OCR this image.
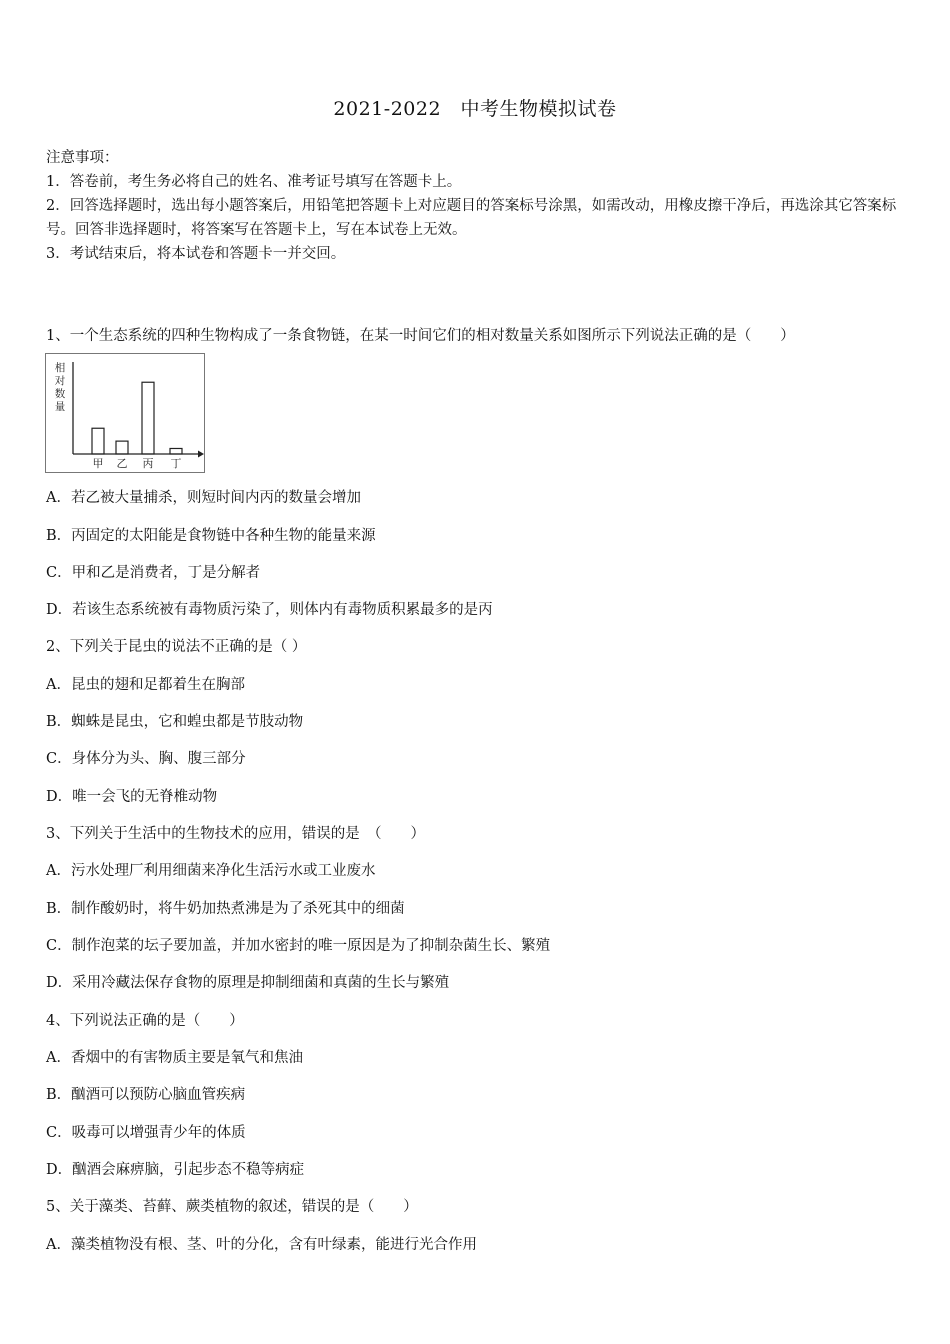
2021-2022　中考生物模拟试卷
注意事项：
1．答卷前，考生务必将自己的姓名、准考证号填写在答题卡上。
2．回答选择题时，选出每小题答案后，用铅笔把答题卡上对应题目的答案标号涂黑，如需改动，用橡皮擦干净后，再选涂其它答案标号。回答非选择题时，将答案写在答题卡上，写在本试卷上无效。
3．考试结束后，将本试卷和答题卡一并交回。
1、一个生态系统的四种生物构成了一条食物链，在某一时间它们的相对数量关系如图所示下列说法正确的是（　　）
相对数量
甲 乙 丙 丁
A．若乙被大量捕杀，则短时间内丙的数量会增加
B．丙固定的太阳能是食物链中各种生物的能量来源
C．甲和乙是消费者，丁是分解者
D．若该生态系统被有毒物质污染了，则体内有毒物质积累最多的是丙
2、下列关于昆虫的说法不正确的是（ ）
A．昆虫的翅和足都着生在胸部
B．蜘蛛是昆虫，它和蝗虫都是节肢动物
C．身体分为头、胸、腹三部分
D．唯一会飞的无脊椎动物
3、下列关于生活中的生物技术的应用，错误的是　（　　）
A．污水处理厂利用细菌来净化生活污水或工业废水
B．制作酸奶时，将牛奶加热煮沸是为了杀死其中的细菌
C．制作泡菜的坛子要加盖，并加水密封的唯一原因是为了抑制杂菌生长、繁殖
D．采用冷藏法保存食物的原理是抑制细菌和真菌的生长与繁殖
4、下列说法正确的是（　　）
A．香烟中的有害物质主要是氧气和焦油
B．酗酒可以预防心脑血管疾病
C．吸毒可以增强青少年的体质
D．酗酒会麻痹脑，引起步态不稳等病症
5、关于藻类、苔藓、蕨类植物的叙述，错误的是（　　）
A．藻类植物没有根、茎、叶的分化，含有叶绿素，能进行光合作用
